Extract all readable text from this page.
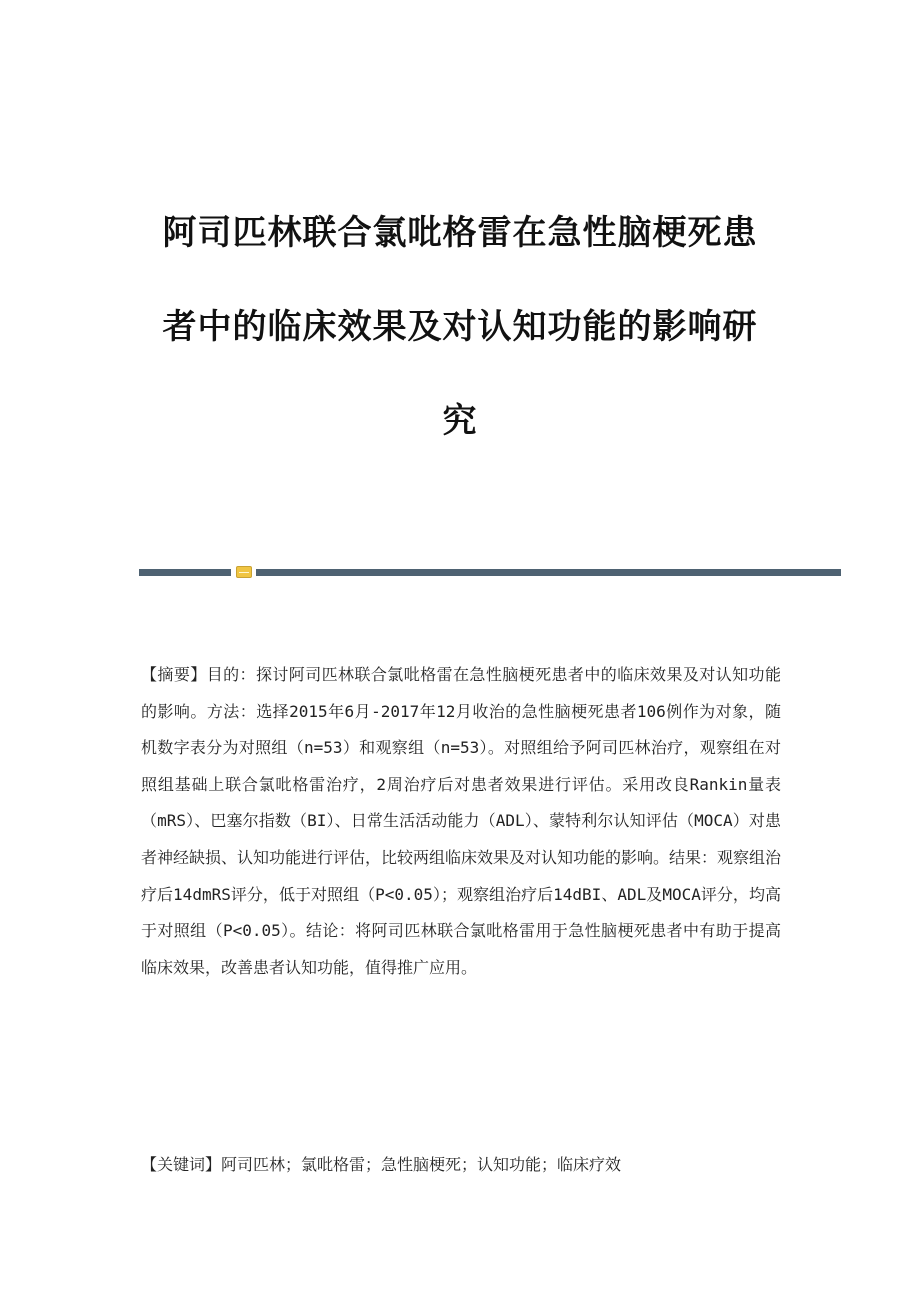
阿司匹林联合氯吡格雷在急性脑梗死患
者中的临床效果及对认知功能的影响研
究

【摘要】目的：探讨阿司匹林联合氯吡格雷在急性脑梗死患者中的临床效果及对认知功能的影响。方法：选择2015年6月-2017年12月收治的急性脑梗死患者106例作为对象，随机数字表分为对照组（n=53）和观察组（n=53）。对照组给予阿司匹林治疗，观察组在对照组基础上联合氯吡格雷治疗，2周治疗后对患者效果进行评估。采用改良Rankin量表（mRS）、巴塞尔指数（BI）、日常生活活动能力（ADL）、蒙特利尔认知评估（MOCA）对患者神经缺损、认知功能进行评估，比较两组临床效果及对认知功能的影响。结果：观察组治疗后14dmRS评分，低于对照组（P<0.05）；观察组治疗后14dBI、ADL及MOCA评分，均高于对照组（P<0.05）。结论：将阿司匹林联合氯吡格雷用于急性脑梗死患者中有助于提高临床效果，改善患者认知功能，值得推广应用。

【关键词】阿司匹林；氯吡格雷；急性脑梗死；认知功能；临床疗效
